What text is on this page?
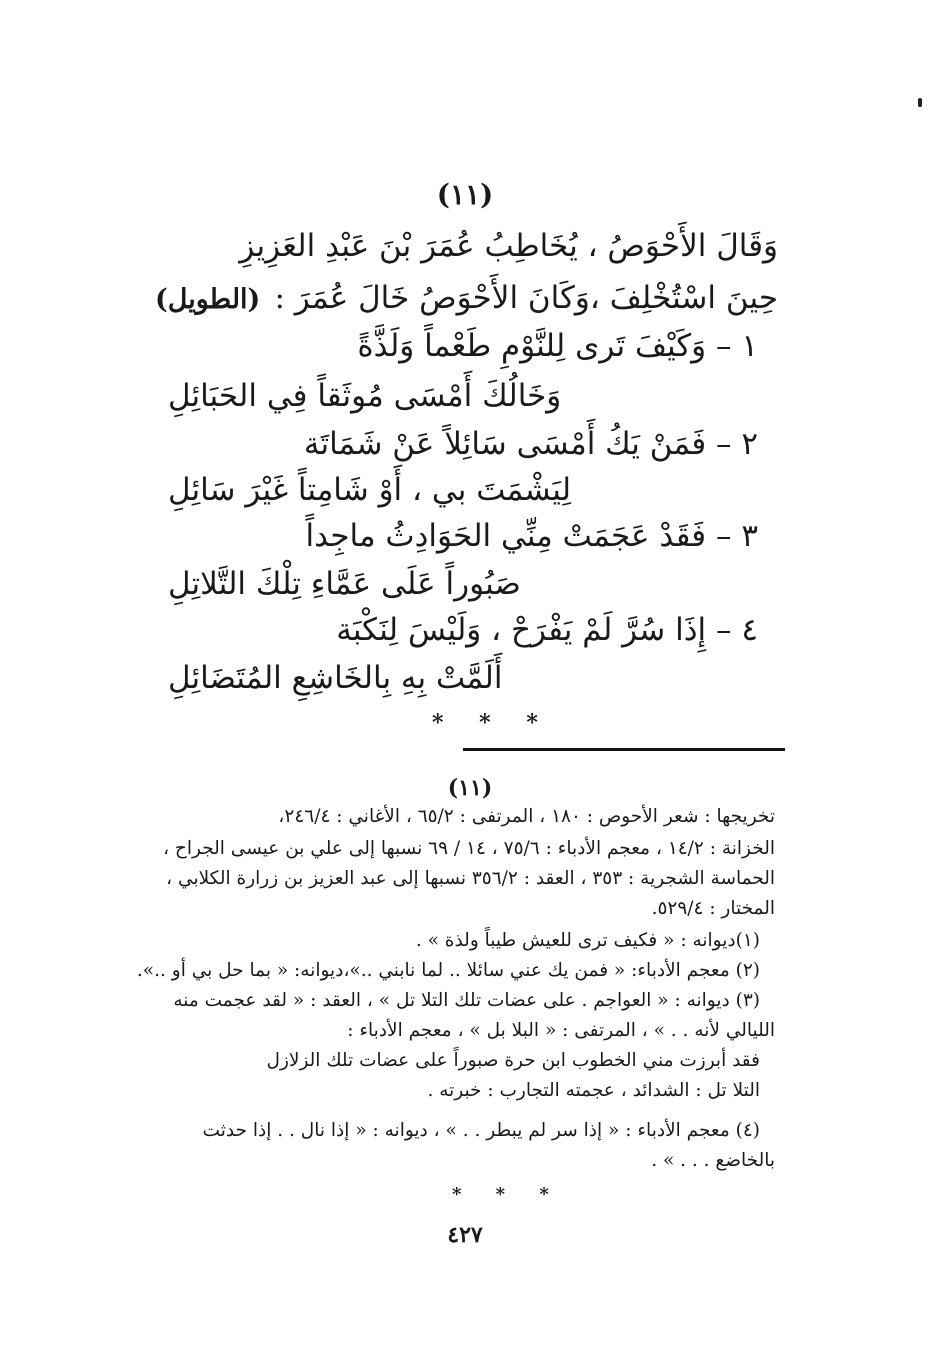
(١١)
وَقَالَ الأَحْوَصُ ، يُخَاطِبُ عُمَرَ بْنَ عَبْدِ العَزِيزِ
حِينَ اسْتُخْلِفَ ،وَكَانَ الأَحْوَصُ خَالَ عُمَرَ :
(الطويل)
١ – وَكَيْفَ تَرى لِلنَّوْمِ طَعْماً وَلَذَّةً
وَخَالُكَ أَمْسَى مُوثَقاً فِي الحَبَائِلِ
٢ – فَمَنْ يَكُ أَمْسَى سَائِلاً عَنْ شَمَاتَة
لِيَشْمَتَ بي ، أَوْ شَامِتاً غَيْرَ سَائِلِ
٣ – فَقَدْ عَجَمَتْ مِنِّي الحَوَادِثُ ماجِداً
صَبُوراً عَلَى عَمَّاءِ تِلْكَ التَّلاتِلِ
٤ – إِذَا سُرَّ لَمْ يَفْرَحْ ، وَلَيْسَ لِنَكْبَة
أَلَمَّتْ بِهِ بِالخَاشِعِ المُتَضَائِلِ
* * *
(١١)
تخريجها : شعر الأحوص : ١٨٠ ، المرتفى : ٦٥/٢ ، الأغاني : ٢٤٦/٤،
الخزانة : ١٤/٢ ، معجم الأدباء : ٧٥/٦ ، ١٤ / ٦٩ نسبها إلى علي بن عيسى الجراح ،
الحماسة الشجرية : ٣٥٣ ، العقد : ٣٥٦/٢ نسبها إلى عبد العزيز بن زرارة الكلابي ،
المختار : ٥٢٩/٤.
(١)ديوانه : « فكيف ترى للعيش طيباً ولذة » .
(٢) معجم الأدباء: « فمن يك عني سائلا .. لما نابني ..»،ديوانه: « بما حل بي أو ..».
(٣) ديوانه : « العواجم . على عضات تلك التلا تل » ، العقد : « لقد عجمت منه
الليالي لأنه . . » ، المرتفى : « البلا بل » ، معجم الأدباء :
فقد أبرزت مني الخطوب ابن حرة صبوراً على عضات تلك الزلازل
التلا تل : الشدائد ، عجمته التجارب : خبرته .
(٤) معجم الأدباء : « إذا سر لم يبطر . . » ، ديوانه : « إذا نال . . إذا حدثت
بالخاضع . . . » .
* * *
٤٢٧
